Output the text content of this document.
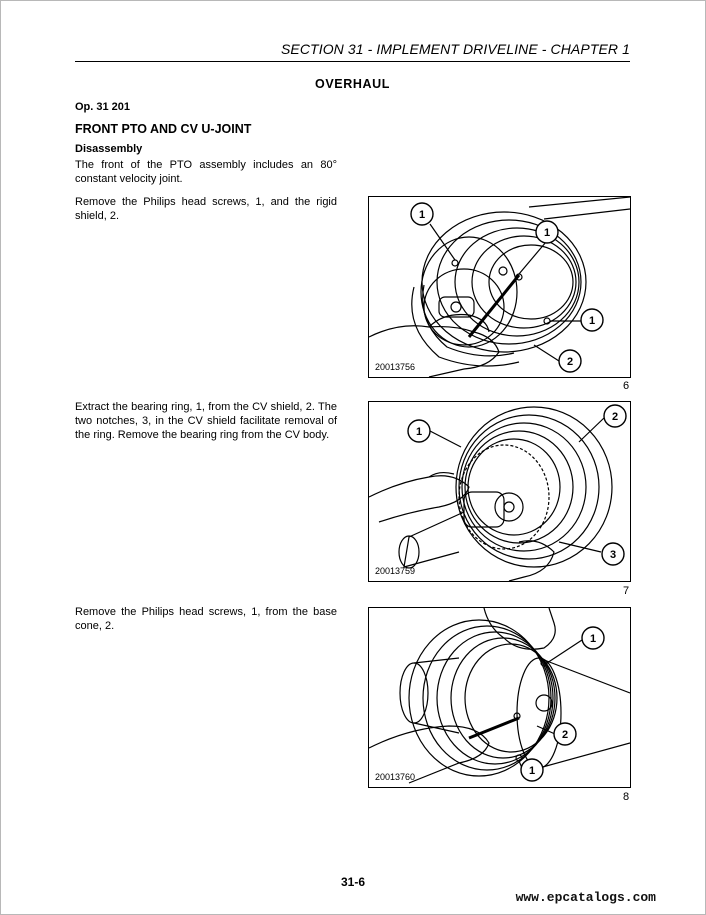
SECTION 31 - IMPLEMENT DRIVELINE - CHAPTER 1
OVERHAUL
Op. 31 201
FRONT PTO AND CV U-JOINT
Disassembly

The front of the PTO assembly includes an 80° constant velocity joint.

Remove the Philips head screws, 1, and the rigid shield, 2.

Extract the bearing ring, 1, from the CV shield, 2. The two notches, 3, in the CV shield facilitate removal of the ring. Remove the bearing ring from the CV body.

Remove the Philips head screws, 1, from the base cone, 2.

1
1
1
2
20013756
6
1
2
3
20013759
7
1
2
1
20013760
8
31-6
www.epcatalogs.com
